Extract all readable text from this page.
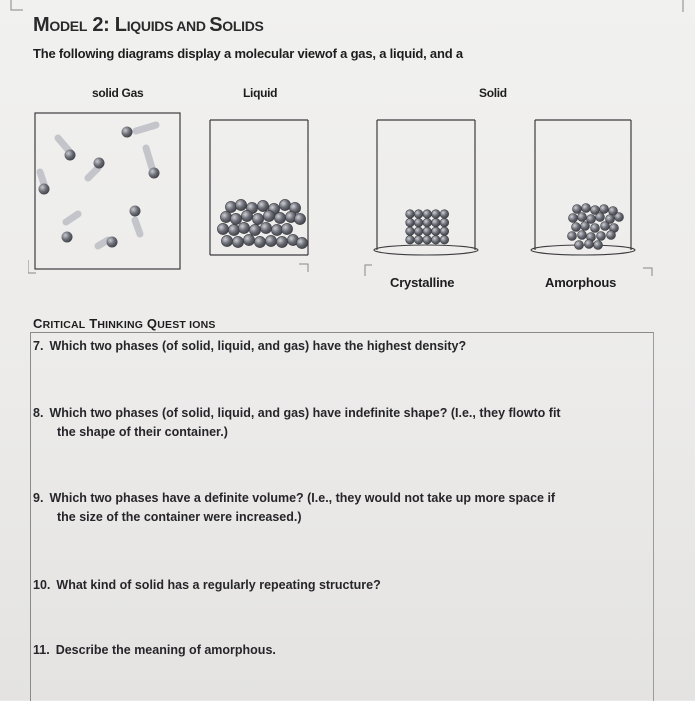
MODEL 2: LIQUIDS AND SOLIDS

The following diagrams display a molecular viewof a gas, a liquid, and a

solid Gas	Liquid	Solid
Crystalline	Amorphous
CRITICAL THINKING QUEST IONS

7. Which two phases (of solid, liquid, and gas) have the highest density?

8. Which two phases (of solid, liquid, and gas) have indefinite shape? (I.e., they flowto fit
the shape of their container.)

9. Which two phases have a definite volume? (I.e., they would not take up more space if
the size of the container were increased.)

10. What kind of solid has a regularly repeating structure?

11. Describe the meaning of amorphous.
